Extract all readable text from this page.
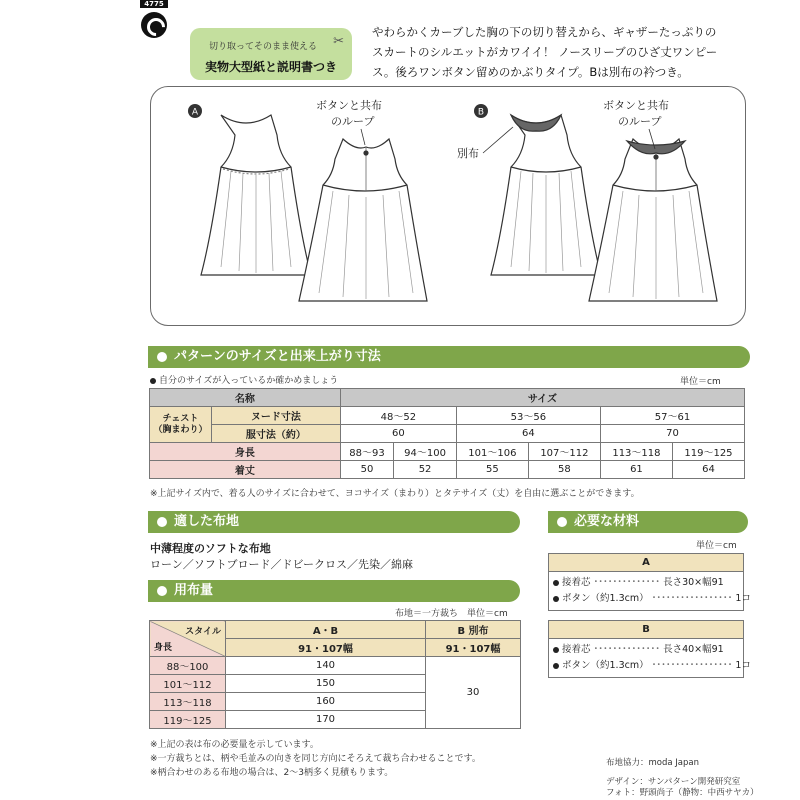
4775
切り取ってそのまま使える	✂
実物大型紙と説明書つき
やわらかくカーブした胸の下の切り替えから、ギャザーたっぷりの
スカートのシルエットがカワイイ！ ノースリーブのひざ丈ワンピー
ス。後ろワンボタン留めのかぶりタイプ。Bは別布の衿つき。
A	B
ボタンと共布
のループ
ボタンと共布
のループ
別布
パターンのサイズと出来上がり寸法
自分のサイズが入っているか確かめましょう	単位＝cm
名称		サイズ					

チェスト
（胸まわり）	ヌード寸法	48〜52		53〜56		57〜61	
	服寸法（約）	60		64		70	
身長		88〜93	94〜100	101〜106	107〜112	113〜118	119〜125
着丈		50	52	55	58	61	64
※上記サイズ内で、着る人のサイズに合わせて、ヨコサイズ（まわり）とタテサイズ（丈）を自由に選ぶことができます。
適した布地
中薄程度のソフトな布地
ローン／ソフトブロード／ドビークロス／先染／綿麻
用布量
布地＝一方裁ち　単位＝cm
スタイル
身長	A・B	B 別布
	91・107幅	91・107幅
88〜100	140	30
101〜112	150	
113〜118	160	
119〜125	170	
※上記の表は布の必要量を示しています。
※一方裁ちとは、柄や毛並みの向きを同じ方向にそろえて裁ち合わせることです。
※柄合わせのある布地の場合は、2〜3柄多く見積もります。
必要な材料
単位＝cm
A
接着芯 ･･････････････ 長さ30×幅91
ボタン（約1.3cm） ･････････････････ 1コ
B
接着芯 ･･････････････ 長さ40×幅91
ボタン（約1.3cm） ･････････････････ 1コ
布地協力：moda Japan
デザイン：サンパターン開発研究室
フォト：野頭尚子（静物：中西サヤカ）
